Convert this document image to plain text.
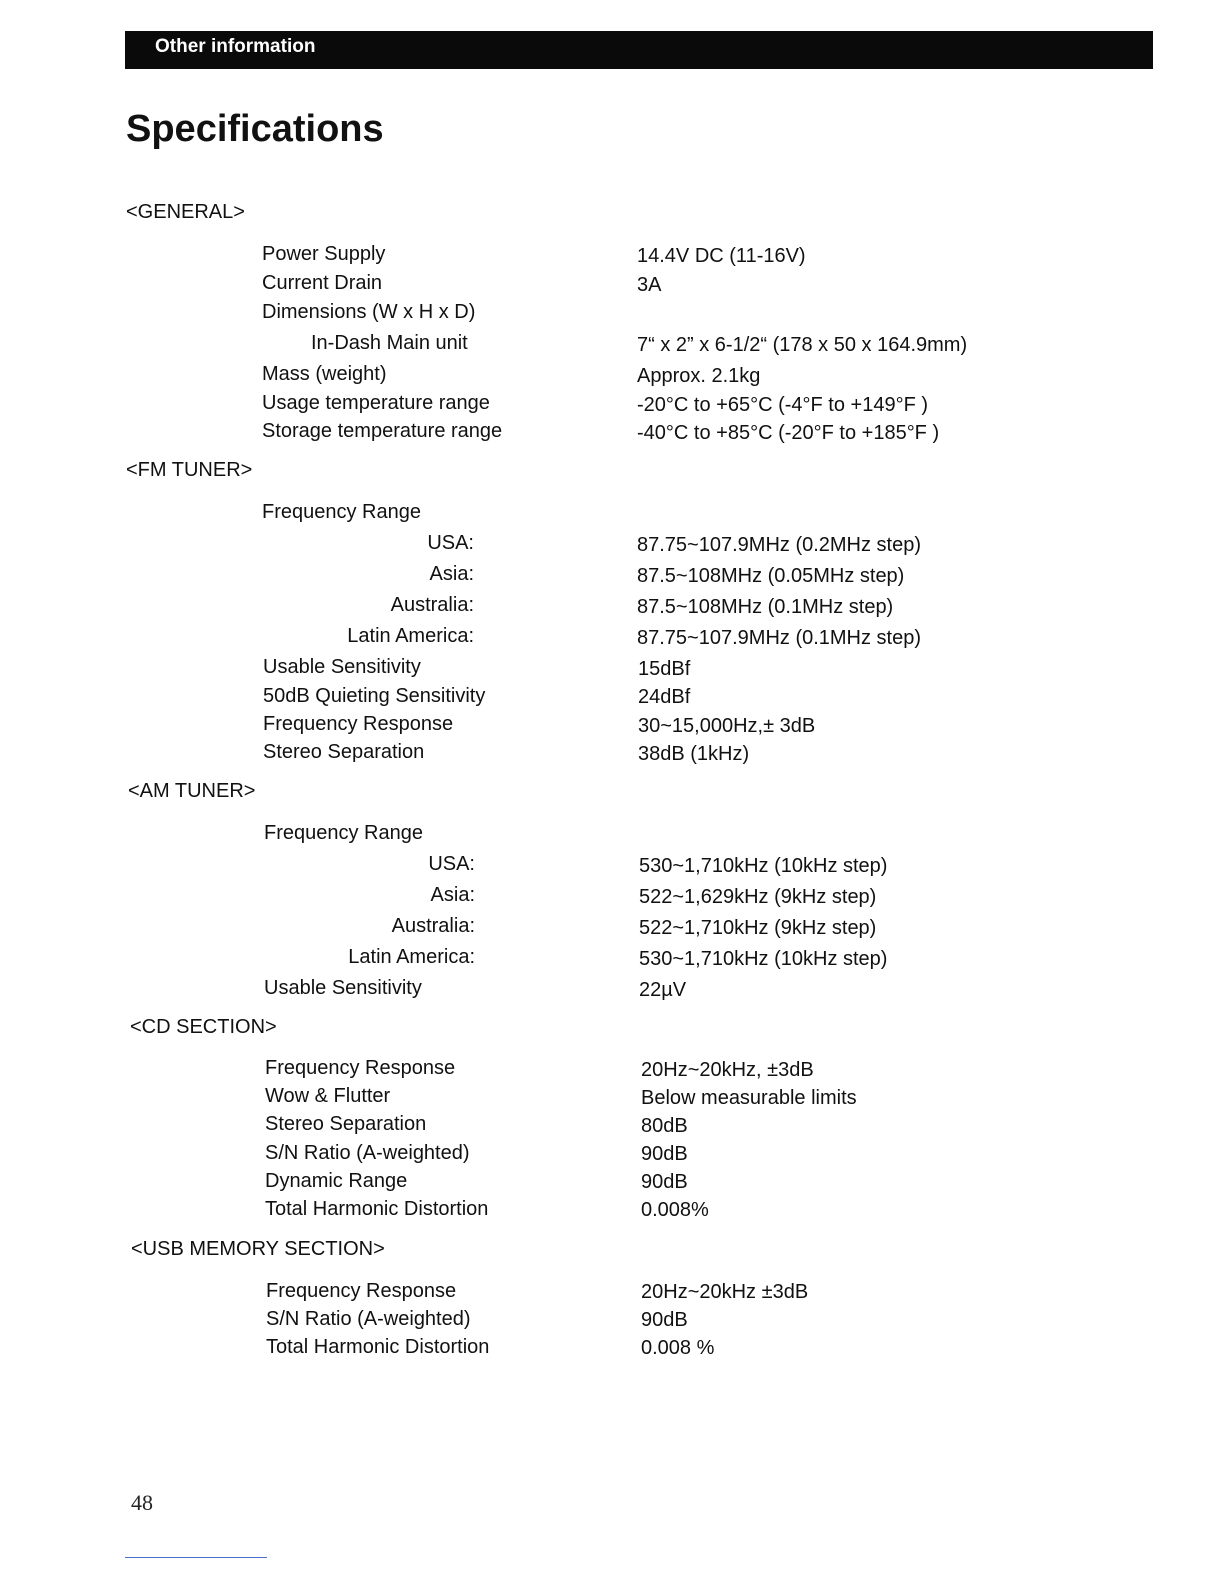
Other information
Specifications
<GENERAL>
Power Supply	14.4V DC (11-16V)
Current Drain	3A
Dimensions (W x H x D)
In-Dash Main unit	7“ x 2” x 6-1/2“ (178 x 50 x 164.9mm)
Mass (weight)	Approx. 2.1kg
Usage temperature range	-20°C to +65°C (-4°F to +149°F )
Storage temperature range	-40°C to +85°C (-20°F to +185°F )
<FM TUNER>
Frequency Range
USA:	87.75~107.9MHz (0.2MHz step)
Asia:	87.5~108MHz (0.05MHz step)
Australia:	87.5~108MHz (0.1MHz step)
Latin America:	87.75~107.9MHz (0.1MHz step)
Usable Sensitivity	15dBf
50dB Quieting Sensitivity	24dBf
Frequency Response	30~15,000Hz,± 3dB
Stereo Separation	38dB (1kHz)
<AM TUNER>
Frequency Range
USA:	530~1,710kHz (10kHz step)
Asia:	522~1,629kHz (9kHz step)
Australia:	522~1,710kHz (9kHz step)
Latin America:	530~1,710kHz (10kHz step)
Usable Sensitivity	22µV
<CD SECTION>
Frequency Response	20Hz~20kHz, ±3dB
Wow & Flutter	Below measurable limits
Stereo Separation	80dB
S/N Ratio (A-weighted)	90dB
Dynamic Range	90dB
Total Harmonic Distortion	0.008%
<USB MEMORY SECTION>
Frequency Response	20Hz~20kHz ±3dB
S/N Ratio (A-weighted)	90dB
Total Harmonic Distortion	0.008 %
48
